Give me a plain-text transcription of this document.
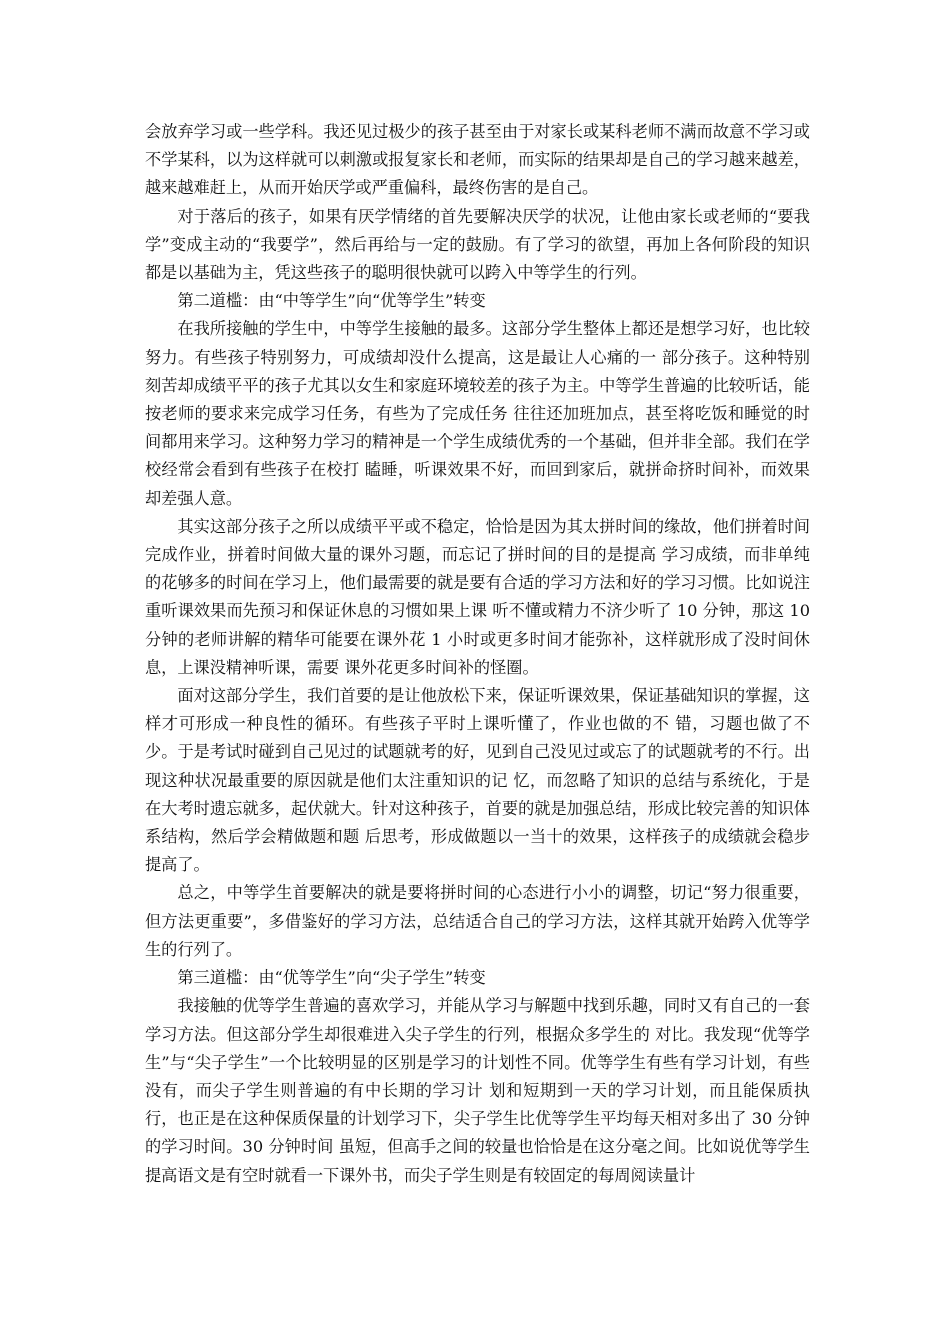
会放弃学习或一些学科。我还见过极少的孩子甚至由于对家长或某科老师不满而故意不学习或 不学某科，以为这样就可以刺激或报复家长和老师，而实际的结果却是自己的学习越来越差，越来越难赶上，从而开始厌学或严重偏科，最终伤害的是自己。

对于落后的孩子，如果有厌学情绪的首先要解决厌学的状况，让他由家长或老师的“要我学”变成主动的“我要学”，然后再给与一定的鼓励。有了学习的欲望，再加上各何阶段的知识都是以基础为主，凭这些孩子的聪明很快就可以跨入中等学生的行列。

第二道槛：由“中等学生”向“优等学生”转变

在我所接触的学生中，中等学生接触的最多。这部分学生整体上都还是想学习好，也比较努力。有些孩子特别努力，可成绩却没什么提高，这是最让人心痛的一 部分孩子。这种特别刻苦却成绩平平的孩子尤其以女生和家庭环境较差的孩子为主。中等学生普遍的比较听话，能按老师的要求来完成学习任务，有些为了完成任务 往往还加班加点，甚至将吃饭和睡觉的时间都用来学习。这种努力学习的精神是一个学生成绩优秀的一个基础，但并非全部。我们在学校经常会看到有些孩子在校打 瞌睡，听课效果不好，而回到家后，就拼命挤时间补，而效果却差强人意。

其实这部分孩子之所以成绩平平或不稳定，恰恰是因为其太拼时间的缘故，他们拼着时间完成作业，拼着时间做大量的课外习题，而忘记了拼时间的目的是提高 学习成绩，而非单纯的花够多的时间在学习上，他们最需要的就是要有合适的学习方法和好的学习习惯。比如说注重听课效果而先预习和保证休息的习惯如果上课 听不懂或精力不济少听了 10 分钟，那这 10 分钟的老师讲解的精华可能要在课外花 1 小时或更多时间才能弥补，这样就形成了没时间休息，上课没精神听课，需要 课外花更多时间补的怪圈。

面对这部分学生，我们首要的是让他放松下来，保证听课效果，保证基础知识的掌握，这样才可形成一种良性的循环。有些孩子平时上课听懂了，作业也做的不 错，习题也做了不少。于是考试时碰到自己见过的试题就考的好，见到自己没见过或忘了的试题就考的不行。出现这种状况最重要的原因就是他们太注重知识的记 忆，而忽略了知识的总结与系统化，于是在大考时遗忘就多，起伏就大。针对这种孩子，首要的就是加强总结，形成比较完善的知识体系结构，然后学会精做题和题 后思考，形成做题以一当十的效果，这样孩子的成绩就会稳步提高了。

总之，中等学生首要解决的就是要将拼时间的心态进行小小的调整，切记“努力很重要，但方法更重要”，多借鉴好的学习方法，总结适合自己的学习方法，这样其就开始跨入优等学生的行列了。

第三道槛：由“优等学生”向“尖子学生”转变

我接触的优等学生普遍的喜欢学习，并能从学习与解题中找到乐趣，同时又有自己的一套学习方法。但这部分学生却很难进入尖子学生的行列，根据众多学生的 对比。我发现“优等学生”与“尖子学生”一个比较明显的区别是学习的计划性不同。优等学生有些有学习计划，有些没有，而尖子学生则普遍的有中长期的学习计 划和短期到一天的学习计划，而且能保质执行，也正是在这种保质保量的计划学习下，尖子学生比优等学生平均每天相对多出了 30 分钟的学习时间。30 分钟时间 虽短，但高手之间的较量也恰恰是在这分毫之间。比如说优等学生提高语文是有空时就看一下课外书，而尖子学生则是有较固定的每周阅读量计
